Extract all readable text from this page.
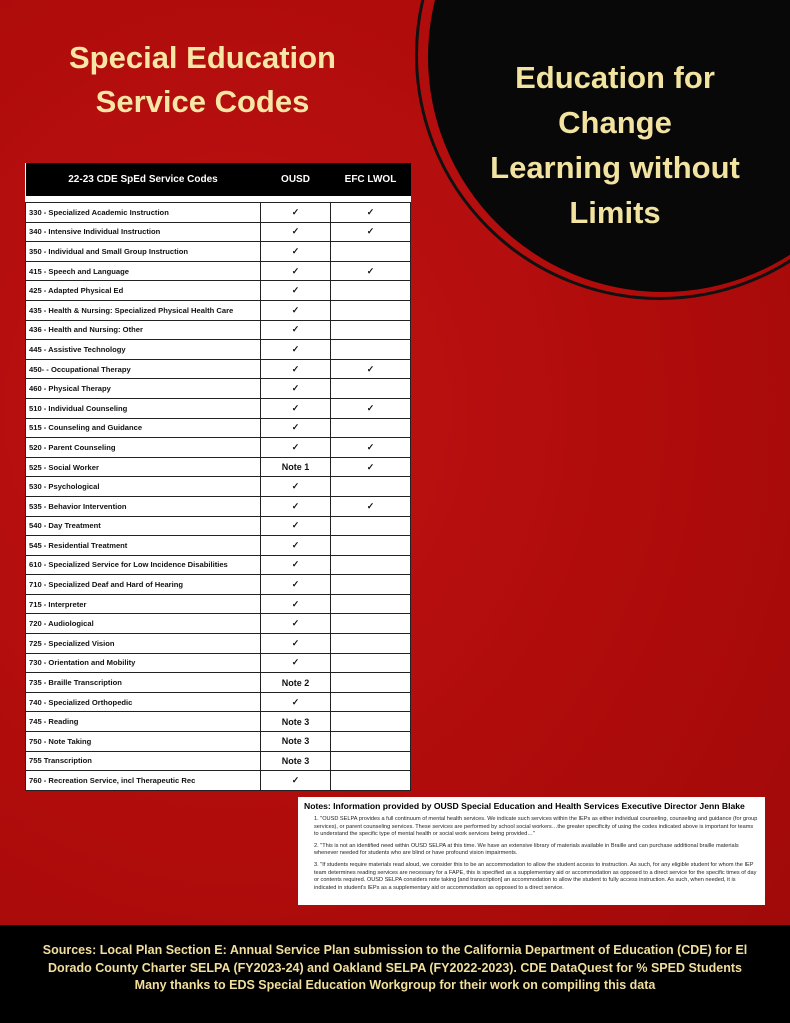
Special Education
Service Codes
Education for
Change
Learning without
Limits
22-23 CDE SpEd Service Codes	OUSD	EFC LWOL

330 - Specialized Academic Instruction	✓	✓
340 - Intensive Individual Instruction	✓	✓
350 - Individual and Small Group Instruction	✓	
415 - Speech and Language	✓	✓
425 - Adapted Physical Ed	✓	
435 - Health & Nursing: Specialized Physical Health Care	✓	
436 - Health and Nursing: Other	✓	
445 - Assistive Technology	✓	
450- - Occupational Therapy	✓	✓
460 - Physical Therapy	✓	
510 - Individual Counseling	✓	✓
515 - Counseling and Guidance	✓	
520 - Parent Counseling	✓	✓
525 - Social Worker	Note 1	✓
530 - Psychological	✓	
535 - Behavior Intervention	✓	✓
540 - Day Treatment	✓	
545 - Residential Treatment	✓	
610 - Specialized Service for Low Incidence Disabilities	✓	
710 - Specialized Deaf and Hard of Hearing	✓	
715 - Interpreter	✓	
720 - Audiological	✓	
725 - Specialized Vision	✓	
730 - Orientation and Mobility	✓	
735 - Braille Transcription	Note 2	
740 - Specialized Orthopedic	✓	
745 - Reading	Note 3	
750 - Note Taking	Note 3	
755 Transcription	Note 3	
760 - Recreation Service, incl Therapeutic Rec	✓	
Notes: Information provided by OUSD Special Education and Health Services Executive Director Jenn Blake

1. "OUSD SELPA provides a full continuum of mental health services. We indicate such services within the IEPs as either individual counseling, counseling and guidance (for group services), or parent counseling services. These services are performed by school social workers…the greater specificity of using the codes indicated above is important for teams to understand the specific type of mental health or social work services being provided…"

2. "This is not an identified need within OUSD SELPA at this time. We have an extensive library of materials available in Braille and can purchase additional braille materials whenever needed for students who are blind or have profound vision impairments.

3. "If students require materials read aloud, we consider this to be an accommodation to allow the student access to instruction. As such, for any eligible student for whom the IEP team determines reading services are necessary for a FAPE, this is specified as a supplementary aid or accommodation as opposed to a direct service for the specific times of day or contents required. OUSD SELPA considers note taking [and transcription] an accommodation to allow the student to fully access instruction. As such, when needed, it is indicated in student's IEPs as a supplementary aid or accommodation as opposed to a direct service.

Sources: Local Plan Section E: Annual Service Plan submission to the California Department of Education (CDE) for El Dorado County Charter SELPA (FY2023-24) and Oakland SELPA (FY2022-2023). CDE DataQuest for % SPED Students

Many thanks to EDS Special Education Workgroup for their work on compiling this data
